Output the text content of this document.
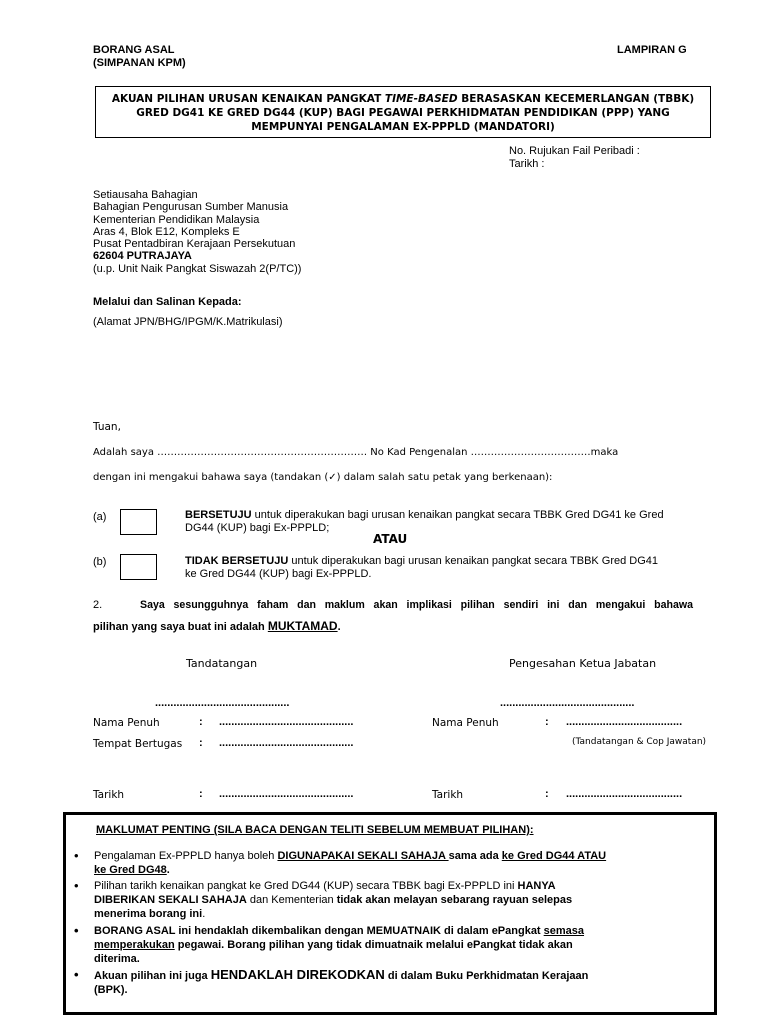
BORANG ASAL
(SIMPANAN KPM)
LAMPIRAN G
AKUAN PILIHAN URUSAN KENAIKAN PANGKAT TIME-BASED BERASASKAN KECEMERLANGAN (TBBK)
GRED DG41 KE GRED DG44 (KUP) BAGI PEGAWAI PERKHIDMATAN PENDIDIKAN (PPP) YANG
MEMPUNYAI PENGALAMAN EX-PPPLD (MANDATORI)
No. Rujukan Fail Peribadi :
Tarikh :
Setiausaha Bahagian
Bahagian Pengurusan Sumber Manusia
Kementerian Pendidikan Malaysia
Aras 4, Blok E12, Kompleks E
Pusat Pentadbiran Kerajaan Persekutuan
62604 PUTRAJAYA
(u.p. Unit Naik Pangkat Siswazah 2(P/TC))
Melalui dan Salinan Kepada:
(Alamat JPN/BHG/IPGM/K.Matrikulasi)
Tuan,
Adalah saya ……………………………………………………… No Kad Pengenalan ………………………………maka
dengan ini mengakui bahawa saya (tandakan (✓) dalam salah satu petak yang berkenaan):
(a)	BERSETUJU untuk diperakukan bagi urusan kenaikan pangkat secara TBBK Gred DG41 ke Gred
DG44 (KUP) bagi Ex-PPPLD;
ATAU
(b)	TIDAK BERSETUJU untuk diperakukan bagi urusan kenaikan pangkat secara TBBK Gred DG41
ke Gred DG44 (KUP) bagi Ex-PPPLD.
2.	Saya sesungguhnya faham dan maklum akan implikasi pilihan sendiri ini dan mengakui bahawa
pilihan yang saya buat ini adalah MUKTAMAD.
Tandatangan	Pengesahan Ketua Jabatan
............................................	............................................
Nama Penuh	: ............................................	Nama Penuh	: ......................................
Tempat Bertugas : ............................................	(Tandatangan & Cop Jawatan)
Tarikh	: ............................................	Tarikh	: ......................................
MAKLUMAT PENTING (SILA BACA DENGAN TELITI SEBELUM MEMBUAT PILIHAN):
• Pengalaman Ex-PPPLD hanya boleh DIGUNAPAKAI SEKALI SAHAJA sama ada ke Gred DG44 ATAU
ke Gred DG48.
• Pilihan tarikh kenaikan pangkat ke Gred DG44 (KUP) secara TBBK bagi Ex-PPPLD ini HANYA
DIBERIKAN SEKALI SAHAJA dan Kementerian tidak akan melayan sebarang rayuan selepas
menerima borang ini.
• BORANG ASAL ini hendaklah dikembalikan dengan MEMUATNAIK di dalam ePangkat semasa
memperakukan pegawai. Borang pilihan yang tidak dimuatnaik melalui ePangkat tidak akan
diterima.
• Akuan pilihan ini juga HENDAKLAH DIREKODKAN di dalam Buku Perkhidmatan Kerajaan
(BPK).
